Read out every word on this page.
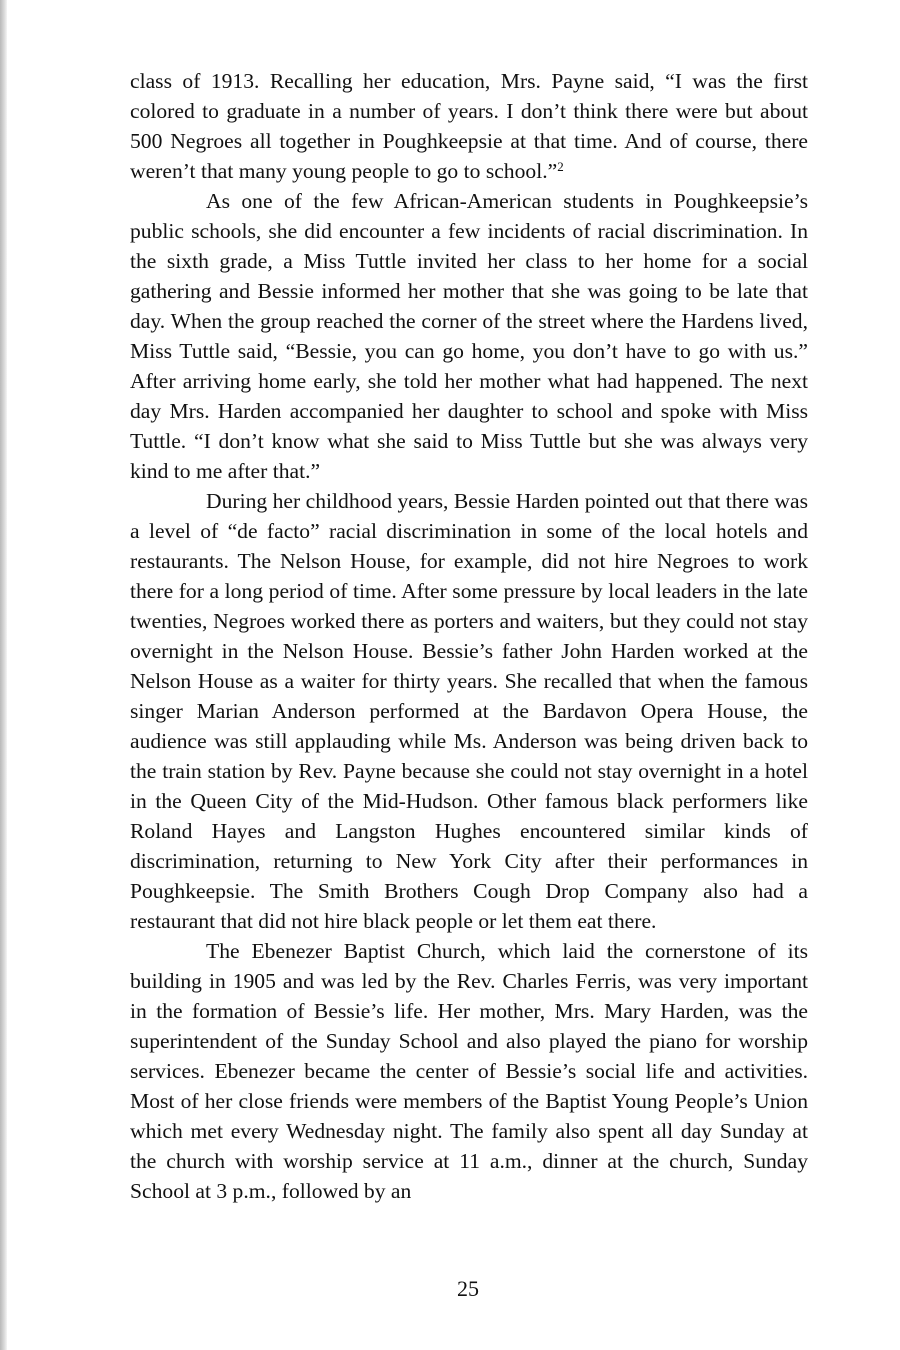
class of 1913. Recalling her education, Mrs. Payne said, “I was the first colored to graduate in a number of years. I don’t think there were but about 500 Negroes all together in Poughkeepsie at that time. And of course, there weren’t that many young people to go to school.”$^2$

As one of the few African-American students in Poughkeepsie’s public schools, she did encounter a few incidents of racial discrimination. In the sixth grade, a Miss Tuttle invited her class to her home for a social gathering and Bessie informed her mother that she was going to be late that day. When the group reached the corner of the street where the Hardens lived, Miss Tuttle said, “Bessie, you can go home, you don’t have to go with us.” After arriving home early, she told her mother what had happened. The next day Mrs. Harden accompanied her daughter to school and spoke with Miss Tuttle. “I don’t know what she said to Miss Tuttle but she was always very kind to me after that.”

During her childhood years, Bessie Harden pointed out that there was a level of “de facto” racial discrimination in some of the local hotels and restaurants. The Nelson House, for example, did not hire Negroes to work there for a long period of time. After some pressure by local leaders in the late twenties, Negroes worked there as porters and waiters, but they could not stay overnight in the Nelson House. Bessie’s father John Harden worked at the Nelson House as a waiter for thirty years. She recalled that when the famous singer Marian Anderson performed at the Bardavon Opera House, the audience was still applauding while Ms. Anderson was being driven back to the train station by Rev. Payne because she could not stay overnight in a hotel in the Queen City of the Mid-Hudson. Other famous black performers like Roland Hayes and Langston Hughes encountered similar kinds of discrimination, returning to New York City after their performances in Poughkeepsie. The Smith Brothers Cough Drop Company also had a restaurant that did not hire black people or let them eat there.

The Ebenezer Baptist Church, which laid the cornerstone of its building in 1905 and was led by the Rev. Charles Ferris, was very important in the formation of Bessie’s life. Her mother, Mrs. Mary Harden, was the superintendent of the Sunday School and also played the piano for worship services. Ebenezer became the center of Bessie’s social life and activities. Most of her close friends were members of the Baptist Young People’s Union which met every Wednesday night. The family also spent all day Sunday at the church with worship service at 11 a.m., dinner at the church, Sunday School at 3 p.m., followed by an

25
